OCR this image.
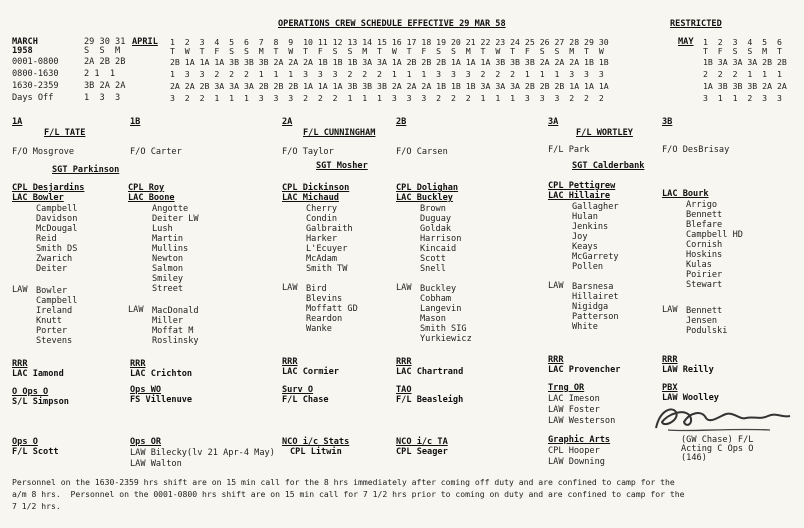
OPERATIONS CREW SCHEDULE EFFECTIVE 29 MAR 58	RESTRICTED
MARCH
1958
0001-0800
0800-1630
1630-2359
Days Off
29 30 31
S  S  M
2A 2B 2B
2 1  1
3B 2A 2A
1  3  3
APRIL 1  2  3  4  5  6  7  8  9  10 11 12 13 14 15 16 17 18 19 20 21 22 23 24 25 26 27 28 29 30
T  W  T  F  S  S  M  T  W  T  F  S  S  M  T  W  T  F  S  S  M  T  W  T  F  S  S  M  T  W
2B 1A 1A 1A 3B 3B 3B 2A 2A 2A 1B 1B 1B 3A 3A 1A 2B 2B 2B 1A 1A 1A 3B 3B 3B 2A 2A 2A 1B 1B
1  3  3  2  2  2  1  1  1  3  3  3  2  2  2  1  1  1  3  3  3  2  2  2  1  1  1  3  3  3
2A 2A 2B 3A 3A 3A 2B 2B 2B 1A 1A 1A 3B 3B 3B 2A 2A 2A 1B 1B 1B 3A 3A 3A 2B 2B 2B 1A 1A 1A
3  2  2  1  1  1  3  3  3  2  2  2  1  1  1  3  3  3  2  2  2  1  1  1  3  3  3  2  2  2
MAY 1  2  3  4  5  6
T  F  S  S  M  T
1B 3A 3A 3A 2B 2B
2  2  2  1  1  1
1A 3B 3B 3B 2A 2A
3  1  1  2  3  3
1A
F/L TATE
F/O Mosgrove
1B
F/O Carter
SGT Parkinson
CPL Desjardins
LAC Bowler
Campbell
Davidson
McDougal
Reid
Smith DS
Zwarich
Deiter
LAW Bowler
Campbell
Ireland
Knutt
Porter
Stevens
CPL Roy
LAC Boone
Angotte
Deiter LW
Lush
Martin
Mullins
Newton
Salmon
Smiley
Street
LAW MacDonald
Miller
Moffat M
Roslinsky
2A
F/L CUNNINGHAM
F/O Taylor
2B
F/O Carsen
SGT Mosher
CPL Dickinson
LAC Michaud
Cherry
Condin
Galbraith
Harker
L'Ecuyer
McAdam
Smith TW
LAW Bird
Blevins
Moffatt GD
Reardon
Wanke
CPL Dolighan
LAC Buckley
Brown
Duguay
Goldak
Harrison
Kincaid
Scott
Snell
LAW Buckley
Cobham
Langevin
Mason
Smith SIG
Yurkiewicz
3A
F/L WORTLEY
F/L Park
3B
F/O DesBrisay
SGT Calderbank
CPL Pettigrew
LAC Hillaire
Gallagher
Hulan
Jenkins
Joy
Keays
McGarrety
Pollen
LAW Barsnesa
Hillairet
Nigidga
Patterson
White
LAC Bourk
Arrigo
Bennett
Blefare
Campbell HD
Cornish
Hoskins
Kulas
Poirier
Stewart
LAW Bennett
Jensen
Podulski
RRR
LAC Iamond
RRR
LAC Crichton
RRR
LAC Cormier
RRR
LAC Chartrand
RRR
LAC Provencher
RRR
LAW Reilly
O Ops O
S/L Simpson
Ops WO
FS Villenuve
Surv O
F/L Chase
TAO
F/L Beasleigh
Trng OR
LAC Imeson
LAW Foster
LAW Westerson
PBX
LAW Woolley
(GW Chase) F/L
Acting C Ops O
(146)
Ops O
F/L Scott
Ops OR
LAW Bilecky(lv 21 Apr-4 May)
LAW Walton
NCO i/c Stats
CPL Litwin
NCO i/c TA
CPL Seager
Graphic Arts
CPL Hooper
LAW Downing
Personnel on the 1630-2359 hrs shift are on 15 min call for the 8 hrs immediately after coming off duty and are confined to camp for the
a/m 8 hrs.  Personnel on the 0001-0800 hrs shift are on 15 min call for 7 1/2 hrs prior to coming on duty and are confined to camp for the
7 1/2 hrs.
